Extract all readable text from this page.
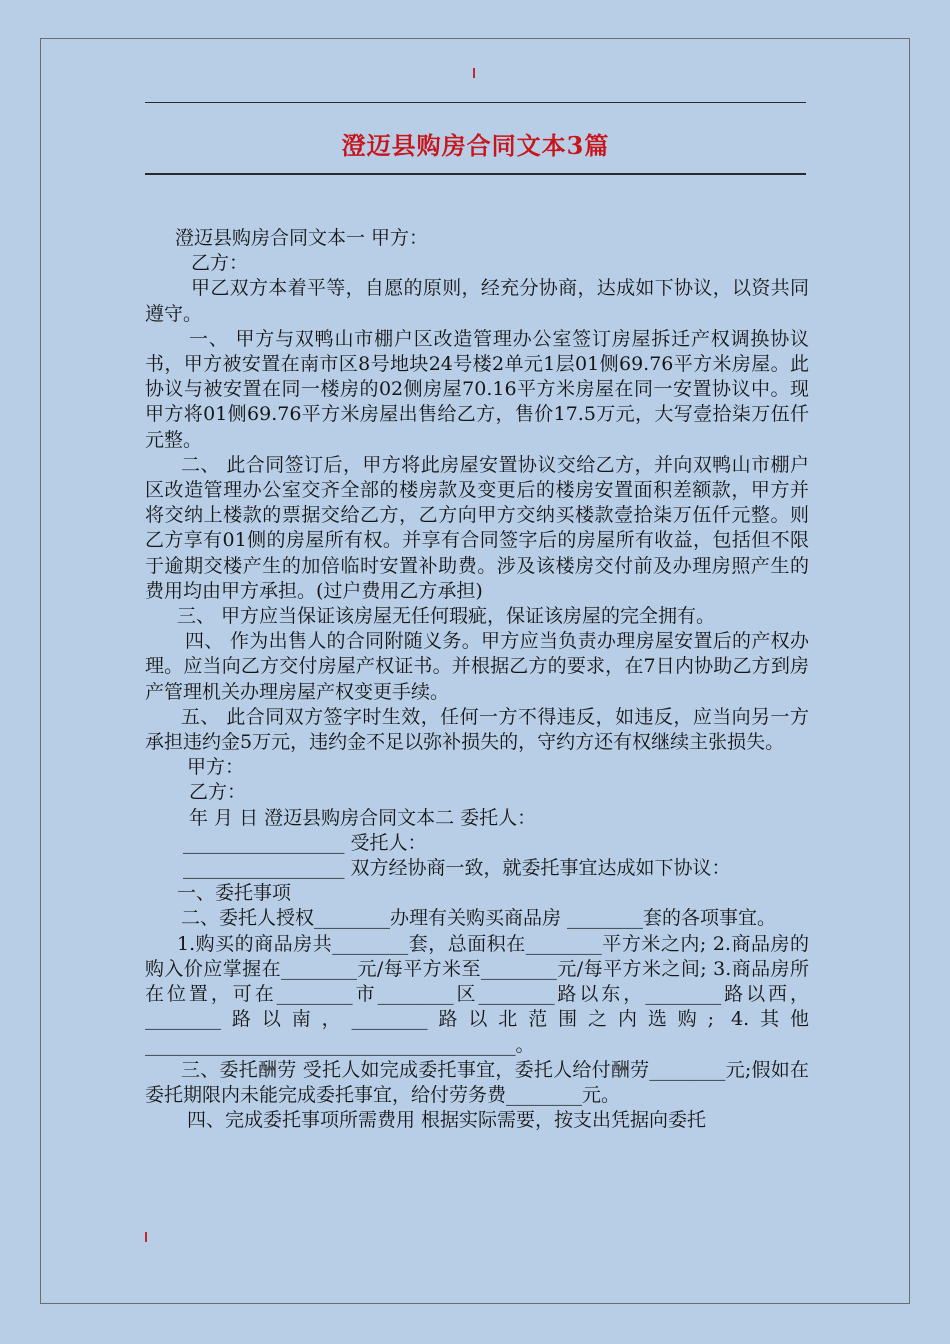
澄迈县购房合同文本3篇

澄迈县购房合同文本一 甲方：

乙方：

甲乙双方本着平等，自愿的原则，经充分协商，达成如下协议，以资共同遵守。

一、 甲方与双鸭山市棚户区改造管理办公室签订房屋拆迁产权调换协议书，甲方被安置在南市区8号地块24号楼2单元1层01侧69.76平方米房屋。此协议与被安置在同一楼房的02侧房屋70.16平方米房屋在同一安置协议中。现甲方将01侧69.76平方米房屋出售给乙方，售价17.5万元，大写壹拾柒万伍仟元整。

二、 此合同签订后，甲方将此房屋安置协议交给乙方，并向双鸭山市棚户区改造管理办公室交齐全部的楼房款及变更后的楼房安置面积差额款，甲方并将交纳上楼款的票据交给乙方，乙方向甲方交纳买楼款壹拾柒万伍仟元整。则乙方享有01侧的房屋所有权。并享有合同签字后的房屋所有收益，包括但不限于逾期交楼产生的加倍临时安置补助费。涉及该楼房交付前及办理房照产生的费用均由甲方承担。(过户费用乙方承担)

三、 甲方应当保证该房屋无任何瑕疵，保证该房屋的完全拥有。

四、 作为出售人的合同附随义务。甲方应当负责办理房屋安置后的产权办理。应当向乙方交付房屋产权证书。并根据乙方的要求，在7日内协助乙方到房产管理机关办理房屋产权变更手续。

五、 此合同双方签字时生效，任何一方不得违反，如违反，应当向另一方承担违约金5万元，违约金不足以弥补损失的，守约方还有权继续主张损失。

甲方：

乙方：

年 月 日 澄迈县购房合同文本二 委托人：

_________________ 受托人：

_________________ 双方经协商一致，就委托事宜达成如下协议：

一、委托事项

二、委托人授权________办理有关购买商品房 ________套的各项事宜。

1.购买的商品房共________套，总面积在________平方米之内; 2.商品房的购入价应掌握在________元/每平方米至________元/每平方米之间; 3.商品房所在位置，可在________市________区________路以东，________路以西，________路以南，________路以北范围之内选购; 4.其他_______________________________________。

三、委托酬劳 受托人如完成委托事宜，委托人给付酬劳________元;假如在委托期限内未能完成委托事宜，给付劳务费________元。

四、完成委托事项所需费用 根据实际需要，按支出凭据向委托
